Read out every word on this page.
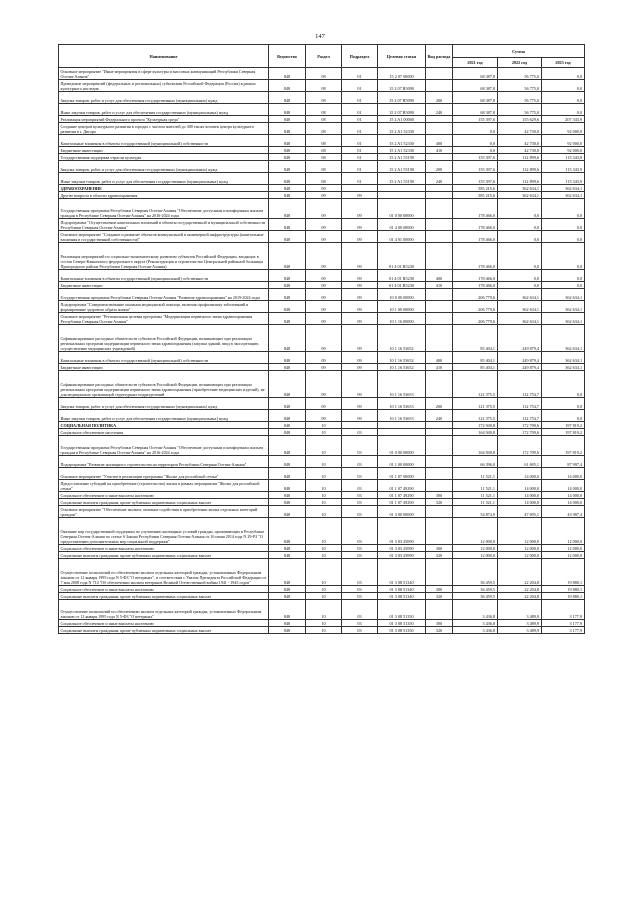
147
Наименование	Ведомство	Раздел	Подраздел	Целевая статья	Вид расхода	Сумма		
						2021 год	2022 год	2023 год
Основное мероприятие "Иные мероприятия в сфере культуры и массовых коммуникаций Республики Северная Осетия-Алания"	848	08	01	15 2 07 00000		68 387,8	56 775,0	0,0
Проведение мероприятий (федеральных и региональных) субъектами Российской Федерации (Россия) в рамках культурного наследия	848	08	01	15 2 07 R5090		68 387,8	56 775,0	0,0
Закупка товаров, работ и услуг для обеспечения государственных (муниципальных) нужд	848	08	01	15 2 07 R5090	200	68 387,8	56 775,0	0,0
Иные закупки товаров, работ и услуг для обеспечения государственных (муниципальных) нужд	848	08	01	15 2 07 R5090	240	68 387,8	56 775,0	0,0
Реализация мероприятий Федерального проекта "Культурная среда"	848	08	01	15 2 A1 00000		155 397,6	155 629,6	207 343,9
Создание центров культурного развития в городах с числом жителей до 300 тысяч человек центра культурного развития в г. Дигора	848	08	01	15 2 A1 52330		0,0	42 730,0	92 000,0
Капитальные вложения в объекты государственной (муниципальной) собственности	848	08	01	15 2 A1 52330	400	0,0	42 730,0	92 000,0
Бюджетные инвестиции	848	08	01	15 2 A1 52330	410	0,0	42 730,0	92 000,0
Государственная поддержка отрасли культуры	848	08	01	15 2 A1 55190		155 397,6	112 899,6	115 343,9
Закупка товаров, работ и услуг для обеспечения государственных (муниципальных) нужд	848	08	01	15 2 A1 55190	200	155 397,6	112 899,6	115 343,9
Иные закупки товаров, работ и услуг для обеспечения государственных (муниципальных) нужд	848	08	01	15 2 A1 55190	240	155 397,6	112 899,6	115 343,9
ЗДРАВООХРАНЕНИЕ	848	09				385 215,6	362 634,1	362 634,1
Другие вопросы в области здравоохранения	848	09	09			385 215,6	362 634,1	362 634,1
Государственная программа Республики Северная Осетия-Алания "Обеспечение доступным и комфортным жильем граждан в Республике Северная Осетия-Алания" на 2016-2024 годы	848	09	09	01 0 00 00000		178 466,0	0,0	0,0
Подпрограмма "Осуществление капитальных вложений в объекты государственной и муниципальной собственности Республики Северная Осетия-Алания"	848	09	09	01 4 00 00000		178 466,0	0,0	0,0
Основное мероприятие "Создание и развитие объектов коммунальной и инженерной инфраструктуры (капитальные вложения в государственной собственности)"	848	09	09	01 4 01 00000		178 466,0	0,0	0,0
Реализация мероприятий по социально-экономическому развитию субъектов Российской Федерации, входящих в состав Северо-Кавказского федерального округа (Реконструкция и строительство Центральной районной больницы Пригородного района Республики Северная Осетия-Алания)	848	09	09	01 4 01 R5230		178 466,0	0,0	0,0
Капитальные вложения в объекты государственной (муниципальной) собственности	848	09	09	01 4 01 R5230	400	178 466,0	0,0	0,0
Бюджетные инвестиции	848	09	09	01 4 01 R5230	410	178 466,0	0,0	0,0
Государственная программа Республики Северная Осетия-Алания "Развитие здравоохранения" на 2019-2024 годы	848	09	09	10 0 00 00000		206 779,6	362 634,1	362 634,1
Подпрограмма "Совершенствование оказания медицинской помощи, включая профилактику заболеваний и формирование здорового образа жизни"	848	09	09	10 1 00 00000		206 779,6	362 634,1	362 634,1
Основное мероприятие "Региональная целевая программа "Модернизация первичного звена здравоохранения Республики Северная Осетия-Алания"	848	09	09	10 1 16 00000		206 779,6	362 634,1	362 634,1
Софинансирование расходных обязательств субъектов Российской Федерации, возникающих при реализации региональных программ модернизации первичного звена здравоохранения (закупка зданий, ввод в эксплуатацию, осуществление медицинских учреждений)	848	09	09	10 1 16 53652		85 404,1	249 879,4	362 634,1
Капитальные вложения в объекты государственной (муниципальной) собственности	848	09	09	10 1 16 53652	400	85 404,1	249 879,4	362 634,1
Бюджетные инвестиции	848	09	09	10 1 16 53652	410	85 404,1	249 879,4	362 634,1
Софинансирование расходных обязательств субъектов Российской Федерации, возникающих при реализации региональных программ модернизации первичного звена здравоохранения (приобретение медицинских изделий), не для медицинских организаций структурных подразделений	848	09	09	10 1 16 53653		121 375,5	112 754,7	0,0
Закупка товаров, работ и услуг для обеспечения государственных (муниципальных) нужд	848	09	09	10 1 16 53653	200	121 375,5	112 754,7	0,0
Иные закупки товаров, работ и услуг для обеспечения государственных (муниципальных) нужд	848	09	09	10 1 16 53653	240	121 375,5	112 754,7	0,0
СОЦИАЛЬНАЯ ПОЛИТИКА	848	10				172 949,8	172 709,6	197 819,2
Социальное обеспечение населения	848	10	03			164 949,8	172 709,6	197 819,2
Государственная программа Республики Северная Осетия-Алания "Обеспечение доступным и комфортным жильем граждан в Республике Северная Осетия-Алания" на 2016-2024 годы	848	10	03	01 0 00 00000		164 949,8	172 709,6	197 819,2
Подпрограмма "Развитие жилищного строительства на территории Республики Северная Осетия-Алания"	848	10	03	01 1 00 00000		66 396,0	61 695,1	87 997,4
Основное мероприятие "Участие в реализации программы "Жилье для российской семьи"	848	10	03	01 1 07 00000		11 521,1	14 000,0	14 000,0
Предоставление субсидий на приобретение (строительство) жилья в рамках мероприятия "Жилье для российской семьи"	848	10	03	01 1 07 49290		11 521,1	14 000,0	14 000,0
Социальное обеспечение и иные выплаты населению	848	10	03	01 1 07 49290	300	11 521,1	14 000,0	14 000,0
Социальные выплаты гражданам, кроме публичных нормативных социальных выплат	848	10	03	01 1 07 49290	320	11 521,1	14 000,0	14 000,0
Основное мероприятие "Обеспечение жильем, оказание содействия в приобретении жилья отдельных категорий граждан"	848	10	03	01 3 00 00000		54 874,9	47 695,1	43 987,4
Оказание мер государственной поддержки по улучшению жилищных условий граждан, проживающих в Республике Северная Осетия-Алания по статье 6 Закона Республики Северная Осетия-Алания от 16 июня 2014 года N 29-РЗ "О предоставлении дополнительных мер социальной поддержки"	848	10	03	01 3 03 25090		12 000,0	12 000,0	12 000,0
Социальное обеспечение и иные выплаты населению	848	10	03	01 3 03 25090	300	12 000,0	12 000,0	12 000,0
Социальные выплаты гражданам, кроме публичных нормативных социальных выплат	848	10	03	01 3 03 25090	320	12 000,0	12 000,0	12 000,0
Осуществление полномочий по обеспечению жильем отдельных категорий граждан, установленных Федеральным законом от 12 января 1995 года N 5-ФЗ "О ветеранах", в соответствии с Указом Президента Российской Федерации от 7 мая 2008 года N 714 "Об обеспечении жильем ветеранов Великой Отечественной войны 1941 - 1945 годов"	848	10	03	01 3 08 51340		36 459,5	22 204,8	19 880,1
Социальное обеспечение и иные выплаты населению	848	10	03	01 3 08 51340	300	36 459,5	22 204,8	19 880,1
Социальные выплаты гражданам, кроме публичных нормативных социальных выплат	848	10	03	01 3 08 51340	320	36 459,5	22 204,8	19 880,1
Осуществление полномочий по обеспечению жильем отдельных категорий граждан, установленных Федеральным законом от 12 января 1995 года N 5-ФЗ "О ветеранах"	848	10	03	01 3 08 51350		3 436,8	3 489,9	3 177,9
Социальное обеспечение и иные выплаты населению	848	10	03	01 3 08 51350	300	3 436,8	3 489,9	3 177,9
Социальные выплаты гражданам, кроме публичных нормативных социальных выплат	848	10	03	01 3 08 51350	320	3 436,8	3 489,9	3 177,9
